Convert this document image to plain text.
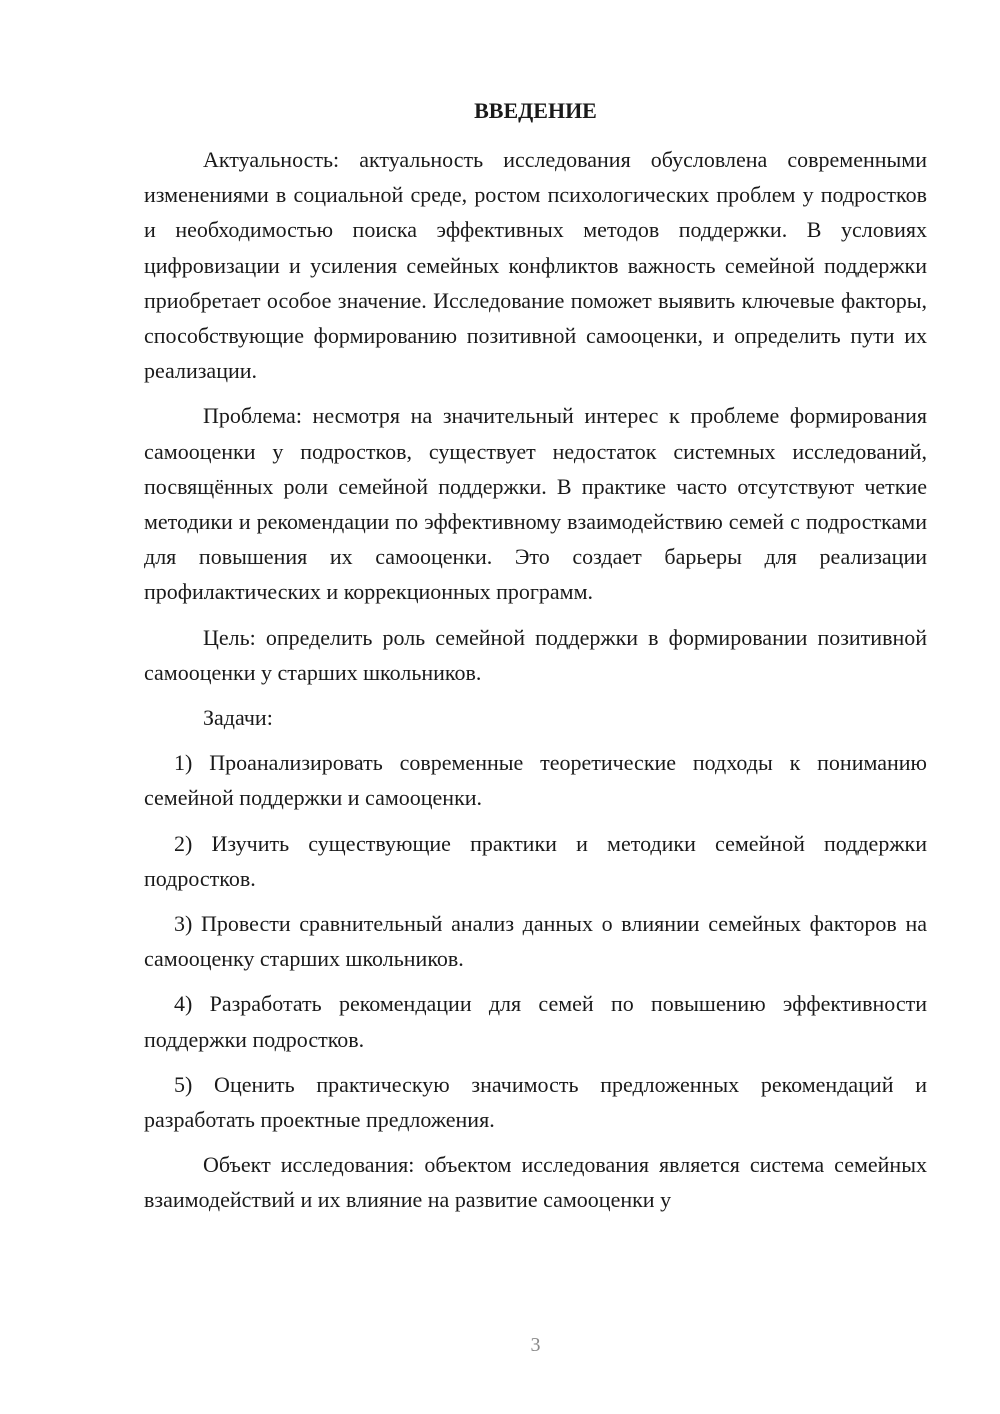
ВВЕДЕНИЕ

Актуальность: актуальность исследования обусловлена современными изменениями в социальной среде, ростом психологических проблем у подростков и необходимостью поиска эффективных методов поддержки. В условиях цифровизации и усиления семейных конфликтов важность семейной поддержки приобретает особое значение. Исследование поможет выявить ключевые факторы, способствующие формированию позитивной самооценки, и определить пути их реализации.

Проблема: несмотря на значительный интерес к проблеме формирования самооценки у подростков, существует недостаток системных исследований, посвящённых роли семейной поддержки. В практике часто отсутствуют четкие методики и рекомендации по эффективному взаимодействию семей с подростками для повышения их самооценки. Это создает барьеры для реализации профилактических и коррекционных программ.

Цель: определить роль семейной поддержки в формировании позитивной самооценки у старших школьников.

Задачи:

1) Проанализировать современные теоретические подходы к пониманию семейной поддержки и самооценки.

2) Изучить существующие практики и методики семейной поддержки подростков.

3) Провести сравнительный анализ данных о влиянии семейных факторов на самооценку старших школьников.

4) Разработать рекомендации для семей по повышению эффективности поддержки подростков.

5) Оценить практическую значимость предложенных рекомендаций и разработать проектные предложения.

Объект исследования: объектом исследования является система семейных взаимодействий и их влияние на развитие самооценки у

3
